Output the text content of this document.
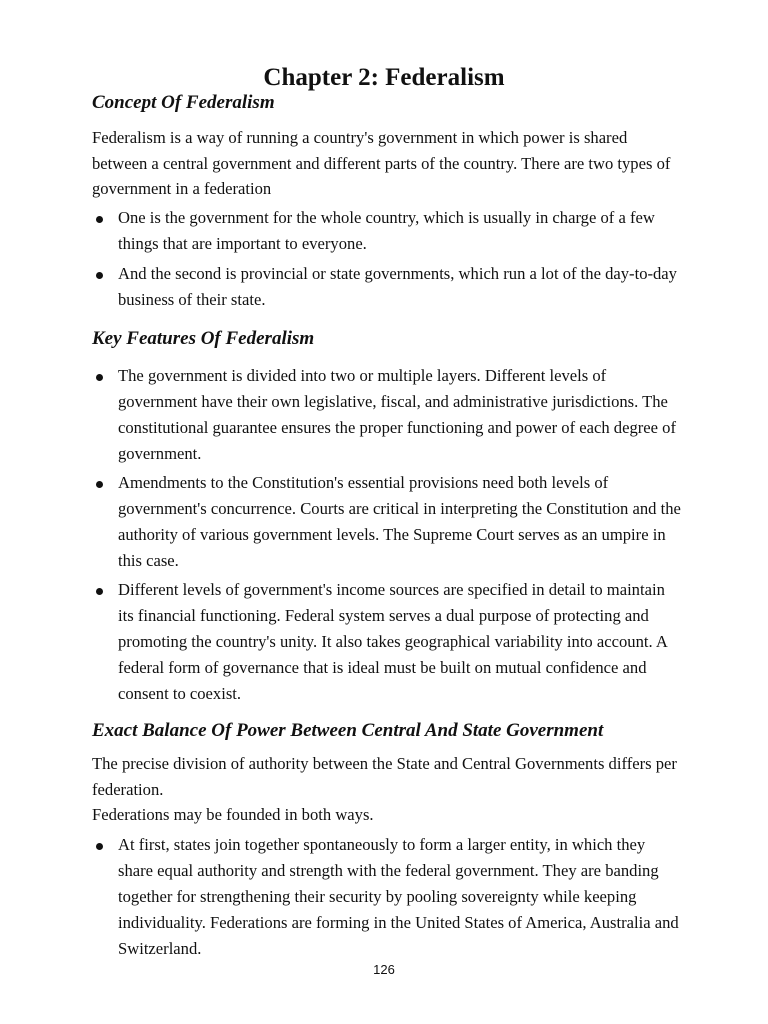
Chapter 2: Federalism
Concept Of Federalism

Federalism is a way of running a country's government in which power is shared between a central government and different parts of the country. There are two types of government in a federation

One is the government for the whole country, which is usually in charge of a few things that are important to everyone.
And the second is provincial or state governments, which run a lot of the day-to-day business of their state.
Key Features Of Federalism
The government is divided into two or multiple layers. Different levels of government have their own legislative, fiscal, and administrative jurisdictions. The constitutional guarantee ensures the proper functioning and power of each degree of government.
Amendments to the Constitution's essential provisions need both levels of government's concurrence. Courts are critical in interpreting the Constitution and the authority of various government levels. The Supreme Court serves as an umpire in this case.
Different levels of government's income sources are specified in detail to maintain its financial functioning. Federal system serves a dual purpose of protecting and promoting the country's unity. It also takes geographical variability into account. A federal form of governance that is ideal must be built on mutual confidence and consent to coexist.
Exact Balance Of Power Between Central And State Government

The precise division of authority between the State and Central Governments differs per federation.

Federations may be founded in both ways.

At first, states join together spontaneously to form a larger entity, in which they share equal authority and strength with the federal government. They are banding together for strengthening their security by pooling sovereignty while keeping individuality. Federations are forming in the United States of America, Australia and Switzerland.
126
